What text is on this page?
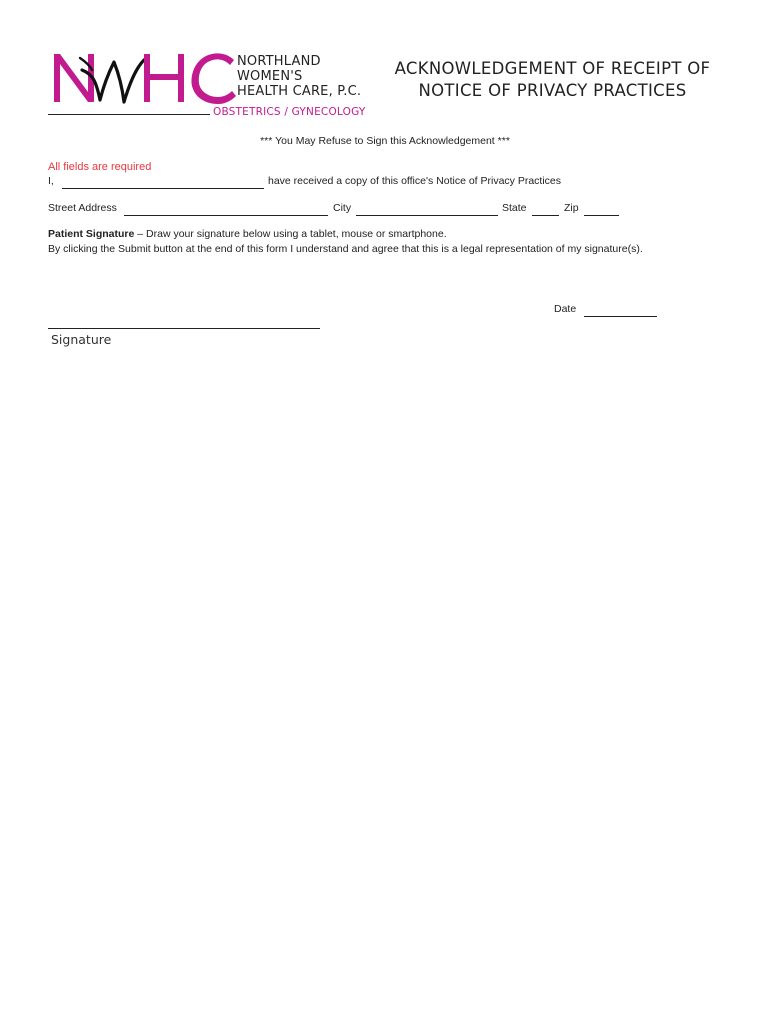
NORTHLAND
WOMEN'S
HEALTH CARE, P.C.
OBSTETRICS / GYNECOLOGY
ACKNOWLEDGEMENT OF RECEIPT OF
NOTICE OF PRIVACY PRACTICES
*** You May Refuse to Sign this Acknowledgement ***
All fields are required
I,	have received a copy of this office's Notice of Privacy Practices
Street Address	City	State	Zip
Patient Signature – Draw your signature below using a tablet, mouse or smartphone.
By clicking the Submit button at the end of this form I understand and agree that this is a legal representation of my signature(s).
Date
Signature
